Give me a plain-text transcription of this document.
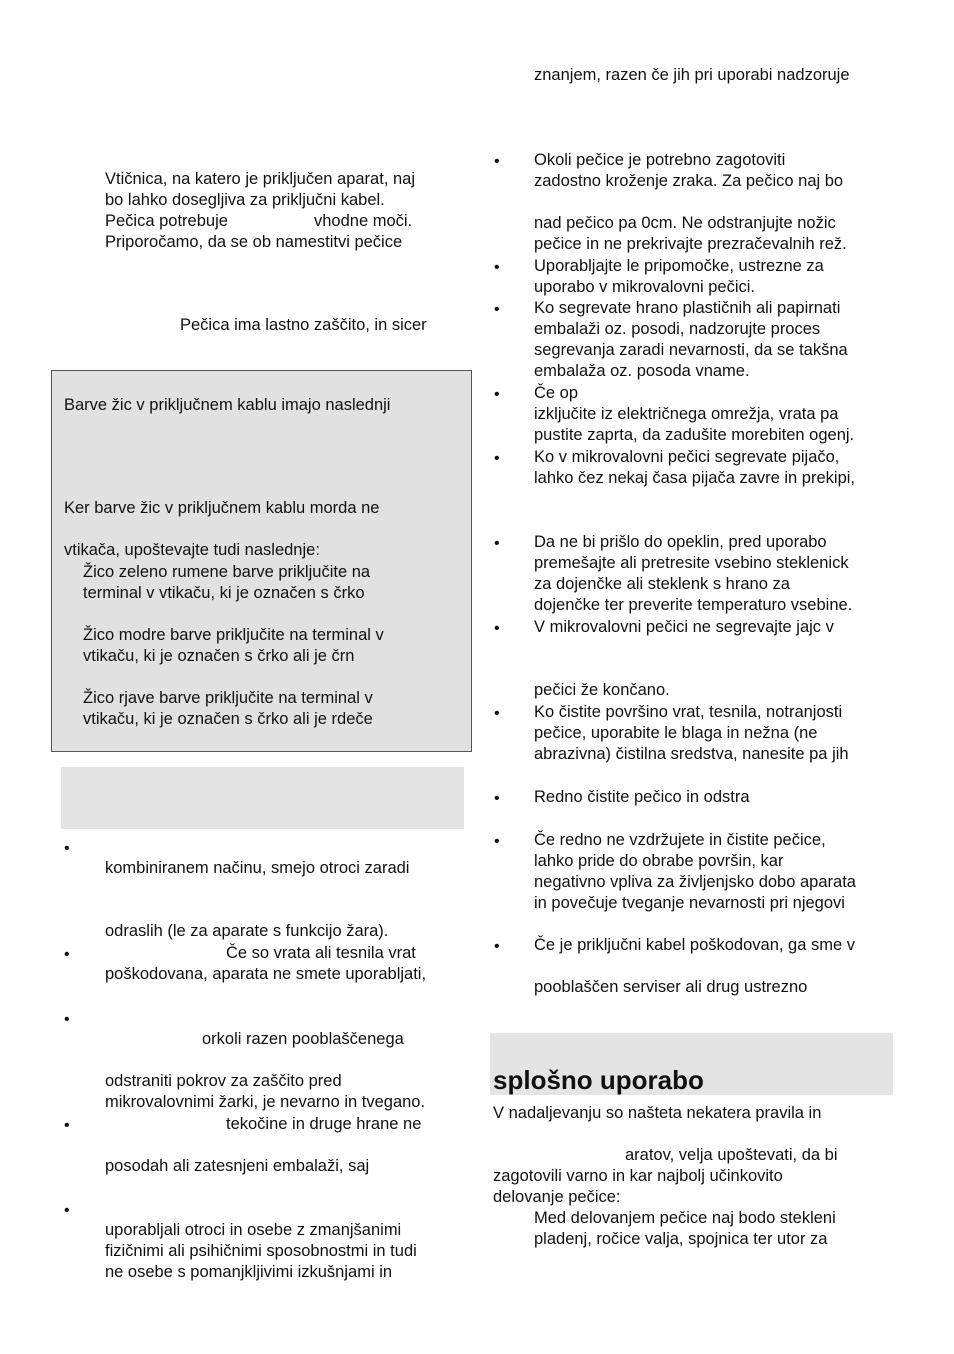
Vtičnica, na katero je priključen aparat, naj
bo lahko dosegljiva za priključni kabel.
Pečica potrebuje	vhodne moči.
Priporočamo, da se ob namestitvi pečice
Pečica ima lastno zaščito, in sicer
Barve žic v priključnem kablu imajo naslednji
Ker barve žic v priključnem kablu morda ne
vtikača, upoštevajte tudi naslednje:
Žico zeleno rumene barve priključite na
terminal v vtikaču, ki je označen s črko
Žico modre barve priključite na terminal v
vtikaču, ki je označen s črko ali je črn
Žico rjave barve priključite na terminal v
vtikaču, ki je označen s črko ali je rdeče
•
kombiniranem načinu, smejo otroci zaradi
odraslih (le za aparate s funkcijo žara).
•	Če so vrata ali tesnila vrat
poškodovana, aparata ne smete uporabljati,
•
orkoli razen pooblaščenega
odstraniti pokrov za zaščito pred
mikrovalovnimi žarki, je nevarno in tvegano.
•	tekočine in druge hrane ne
posodah ali zatesnjeni embalaži, saj
•
uporabljali otroci in osebe z zmanjšanimi
fizičnimi ali psihičnimi sposobnostmi in tudi
ne osebe s pomanjkljivimi izkušnjami in
znanjem, razen če jih pri uporabi nadzoruje
• Okoli pečice je potrebno zagotoviti
zadostno kroženje zraka. Za pečico naj bo
nad pečico pa 0cm. Ne odstranjujte nožic
pečice in ne prekrivajte prezračevalnih rež.
• Uporabljajte le pripomočke, ustrezne za
uporabo v mikrovalovni pečici.
• Ko segrevate hrano plastičnih ali papirnati
embalaži oz. posodi, nadzorujte proces
segrevanja zaradi nevarnosti, da se takšna
embalaža oz. posoda vname.
• Če op
izključite iz električnega omrežja, vrata pa
pustite zaprta, da zadušite morebiten ogenj.
• Ko v mikrovalovni pečici segrevate pijačo,
lahko čez nekaj časa pijača zavre in prekipi,
• Da ne bi prišlo do opeklin, pred uporabo
premešajte ali pretresite vsebino steklenick
za dojenčke ali steklenk s hrano za
dojenčke ter preverite temperaturo vsebine.
• V mikrovalovni pečici ne segrevajte jajc v
pečici že končano.
• Ko čistite površino vrat, tesnila, notranjosti
pečice, uporabite le blaga in nežna (ne
abrazivna) čistilna sredstva, nanesite pa jih
• Redno čistite pečico in odstra
• Če redno ne vzdržujete in čistite pečice,
lahko pride do obrabe površin, kar
negativno vpliva za življenjsko dobo aparata
in povečuje tveganje nevarnosti pri njegovi
• Če je priključni kabel poškodovan, ga sme v
pooblaščen serviser ali drug ustrezno
splošno uporabo
V nadaljevanju so našteta nekatera pravila in
aratov, velja upoštevati, da bi
zagotovili varno in kar najbolj učinkovito
delovanje pečice:
Med delovanjem pečice naj bodo stekleni
pladenj, ročice valja, spojnica ter utor za
